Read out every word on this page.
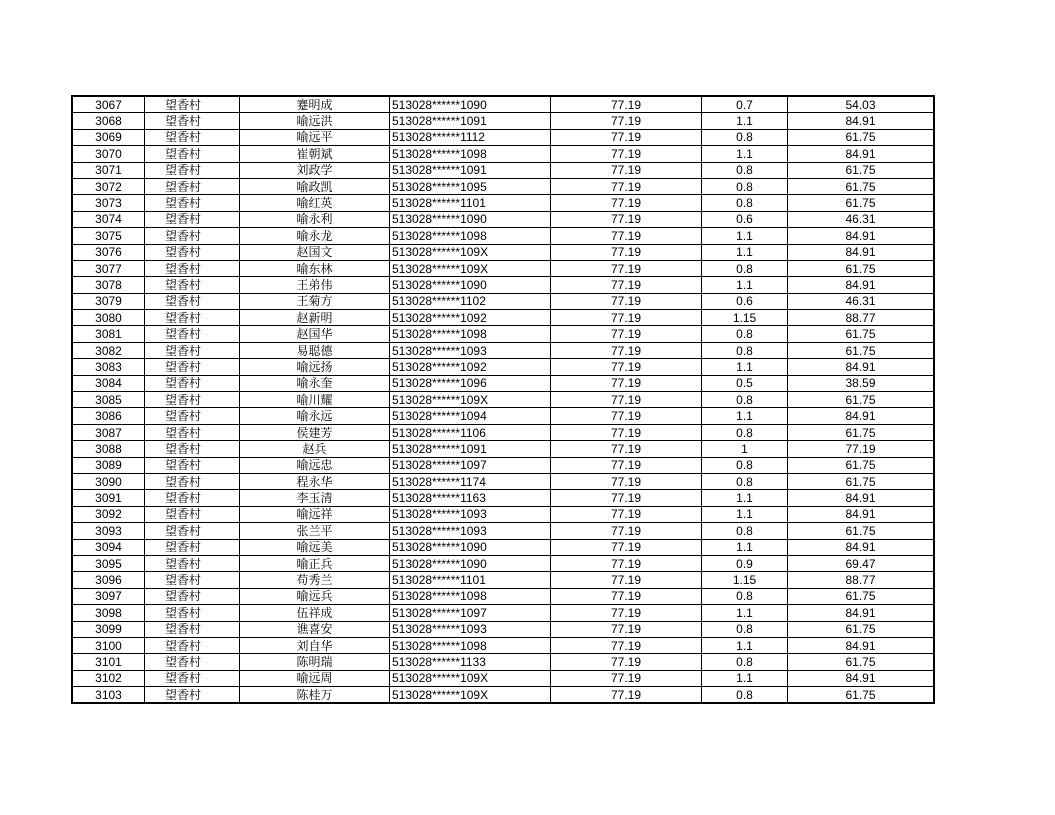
3067	望香村	蹇明成	513028******1090	77.19	0.7	54.03
3068	望香村	喻远洪	513028******1091	77.19	1.1	84.91
3069	望香村	喻远平	513028******1112	77.19	0.8	61.75
3070	望香村	崔朝斌	513028******1098	77.19	1.1	84.91
3071	望香村	刘政学	513028******1091	77.19	0.8	61.75
3072	望香村	喻政凯	513028******1095	77.19	0.8	61.75
3073	望香村	喻红英	513028******1101	77.19	0.8	61.75
3074	望香村	喻永利	513028******1090	77.19	0.6	46.31
3075	望香村	喻永龙	513028******1098	77.19	1.1	84.91
3076	望香村	赵国文	513028******109X	77.19	1.1	84.91
3077	望香村	喻东林	513028******109X	77.19	0.8	61.75
3078	望香村	王弟伟	513028******1090	77.19	1.1	84.91
3079	望香村	王菊方	513028******1102	77.19	0.6	46.31
3080	望香村	赵新明	513028******1092	77.19	1.15	88.77
3081	望香村	赵国华	513028******1098	77.19	0.8	61.75
3082	望香村	易聪德	513028******1093	77.19	0.8	61.75
3083	望香村	喻远扬	513028******1092	77.19	1.1	84.91
3084	望香村	喻永奎	513028******1096	77.19	0.5	38.59
3085	望香村	喻川耀	513028******109X	77.19	0.8	61.75
3086	望香村	喻永远	513028******1094	77.19	1.1	84.91
3087	望香村	侯建芳	513028******1106	77.19	0.8	61.75
3088	望香村	赵兵	513028******1091	77.19	1	77.19
3089	望香村	喻远忠	513028******1097	77.19	0.8	61.75
3090	望香村	程永华	513028******1174	77.19	0.8	61.75
3091	望香村	李玉清	513028******1163	77.19	1.1	84.91
3092	望香村	喻远祥	513028******1093	77.19	1.1	84.91
3093	望香村	张兰平	513028******1093	77.19	0.8	61.75
3094	望香村	喻远美	513028******1090	77.19	1.1	84.91
3095	望香村	喻正兵	513028******1090	77.19	0.9	69.47
3096	望香村	苟秀兰	513028******1101	77.19	1.15	88.77
3097	望香村	喻远兵	513028******1098	77.19	0.8	61.75
3098	望香村	伍祥成	513028******1097	77.19	1.1	84.91
3099	望香村	谯喜安	513028******1093	77.19	0.8	61.75
3100	望香村	刘自华	513028******1098	77.19	1.1	84.91
3101	望香村	陈明瑞	513028******1133	77.19	0.8	61.75
3102	望香村	喻远周	513028******109X	77.19	1.1	84.91
3103	望香村	陈桂万	513028******109X	77.19	0.8	61.75
